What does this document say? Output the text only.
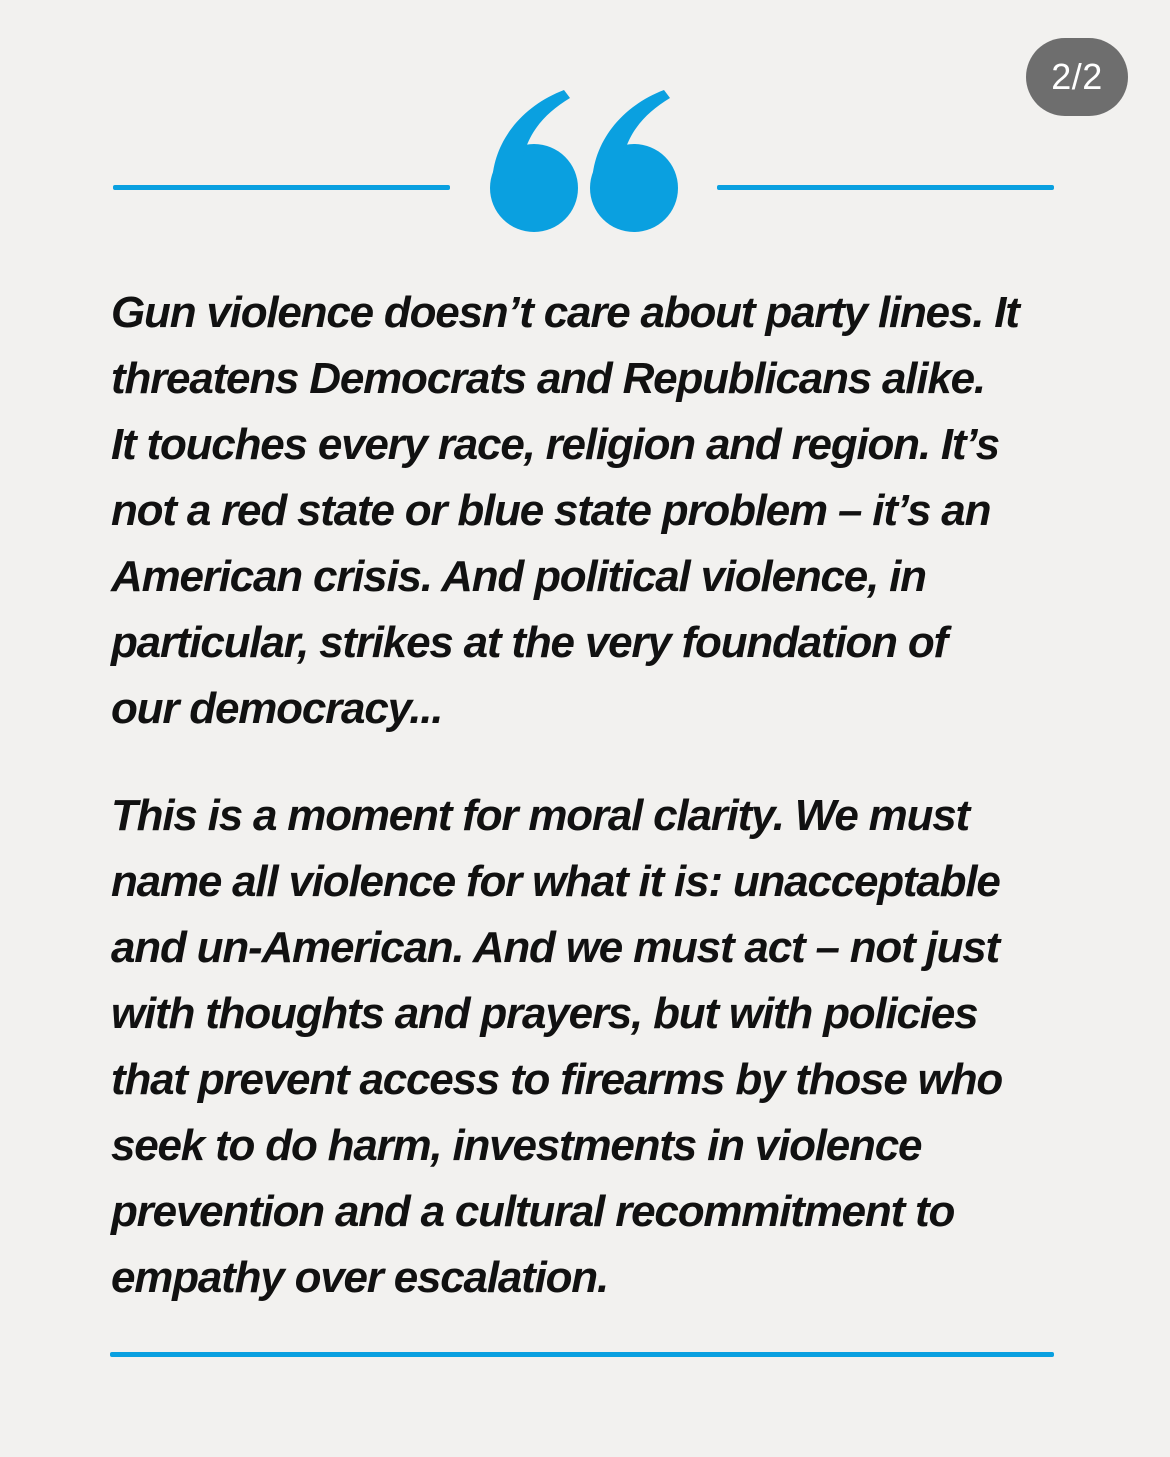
2/2

Gun violence doesn’t care about party lines. It
threatens Democrats and Republicans alike.
It touches every race, religion and region. It’s
not a red state or blue state problem – it’s an
American crisis. And political violence, in
particular, strikes at the very foundation of
our democracy...

This is a moment for moral clarity. We must
name all violence for what it is: unacceptable
and un-American. And we must act – not just
with thoughts and prayers, but with policies
that prevent access to firearms by those who
seek to do harm, investments in violence
prevention and a cultural recommitment to
empathy over escalation.
